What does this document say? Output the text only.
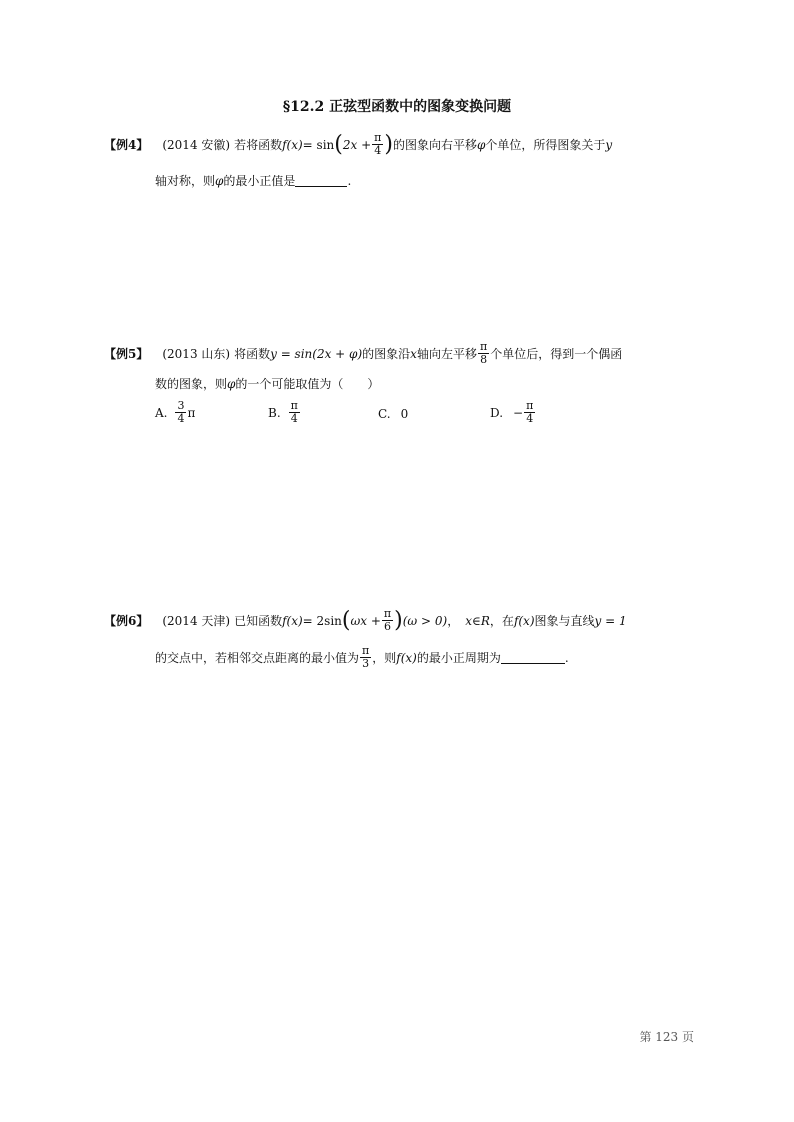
§12.2 正弦型函数中的图象变换问题
【例4】 (2014 安徽) 若将函数 f(x) = sin ( $2x + \frac{\pi}{4}$ ) 的图象向右平移 φ 个单位，所得图象关于 y
轴对称，则 φ 的最小正值是	.
【例5】 (2013 山东) 将函数 y = sin(2x + φ) 的图象沿 x 轴向左平移 $\frac{\pi}{8}$ 个单位后，得到一个偶函
数的图象，则 φ 的一个可能取值为（　　）
A. $\frac{3}{4}$ π	B. $\frac{\pi}{4}$	C. 0	D. − $\frac{\pi}{4}$
【例6】 (2014 天津) 已知函数 f(x) = 2sin ( $\omega x + \frac{\pi}{6}$ ) (ω > 0) ， x∈R ，在 f(x) 图象与直线 y = 1
的交点中，若相邻交点距离的最小值为 $\frac{\pi}{3}$ ，则 f(x) 的最小正周期为	.
第 123 页
